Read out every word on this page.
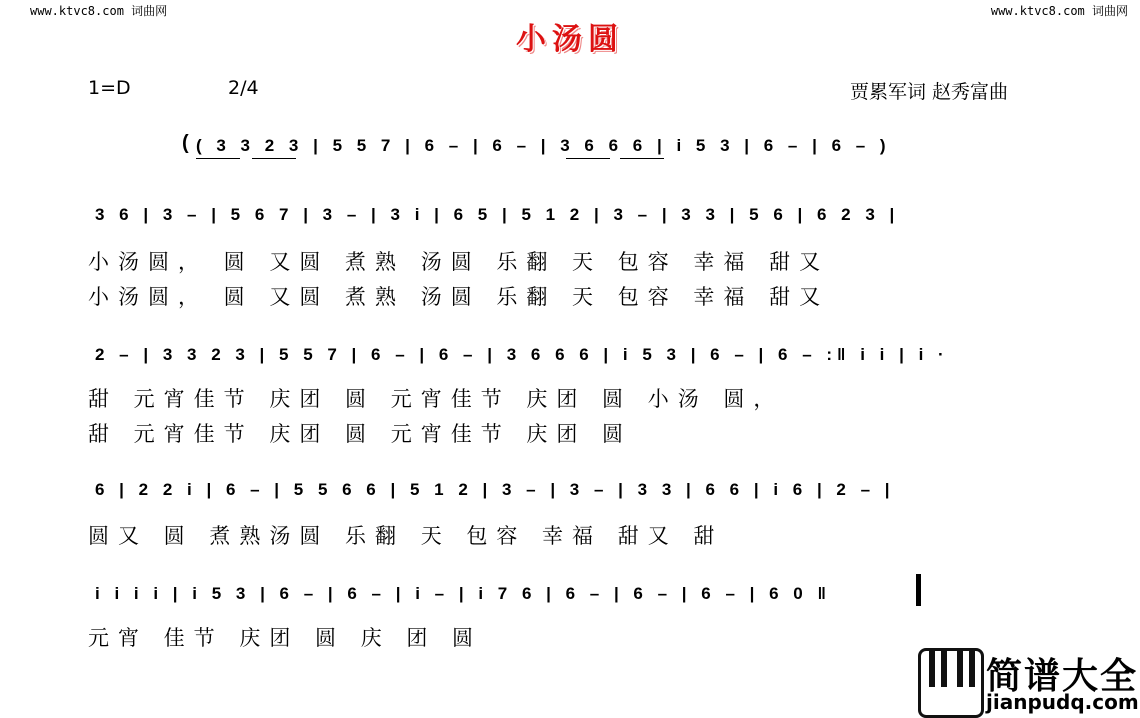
www.ktvc8.com 词曲网	www.ktvc8.com 词曲网
小汤圆
1=D	2/4	贾累军词 赵秀富曲
( ( 3 3 2 3 | 5 5 7 | 6 – | 6 – | 3 6 6 6 | i 5 3 | 6 – | 6 – )
3 6 | 3 – | 5 6 7 | 3 – | 3 i | 6 5 | 5 1 2 | 3 – | 3 3 | 5 6 | 6 2 3 |
小汤圆， 圆 又圆 煮熟 汤圆 乐翻 天 包容 幸福 甜又
小汤圆， 圆 又圆 煮熟 汤圆 乐翻 天 包容 幸福 甜又
2 – | 3 3 2 3 | 5 5 7 | 6 – | 6 – | 3 6 6 6 | i 5 3 | 6 – | 6 – :‖ i i | i ·
甜 元宵佳节 庆团 圆 元宵佳节 庆团 圆 小汤 圆，
甜 元宵佳节 庆团 圆 元宵佳节 庆团 圆
6 | 2 2 i | 6 – | 5 5 6 6 | 5 1 2 | 3 – | 3 – | 3 3 | 6 6 | i 6 | 2 – |
圆又 圆 煮熟汤圆 乐翻 天 包容 幸福 甜又 甜
i i i i | i 5 3 | 6 – | 6 – | i – | i 7 6 | 6 – | 6 – | 6 – | 6 0 ‖
元宵 佳节 庆团 圆 庆 团 圆
简谱大全
jianpudq.com
